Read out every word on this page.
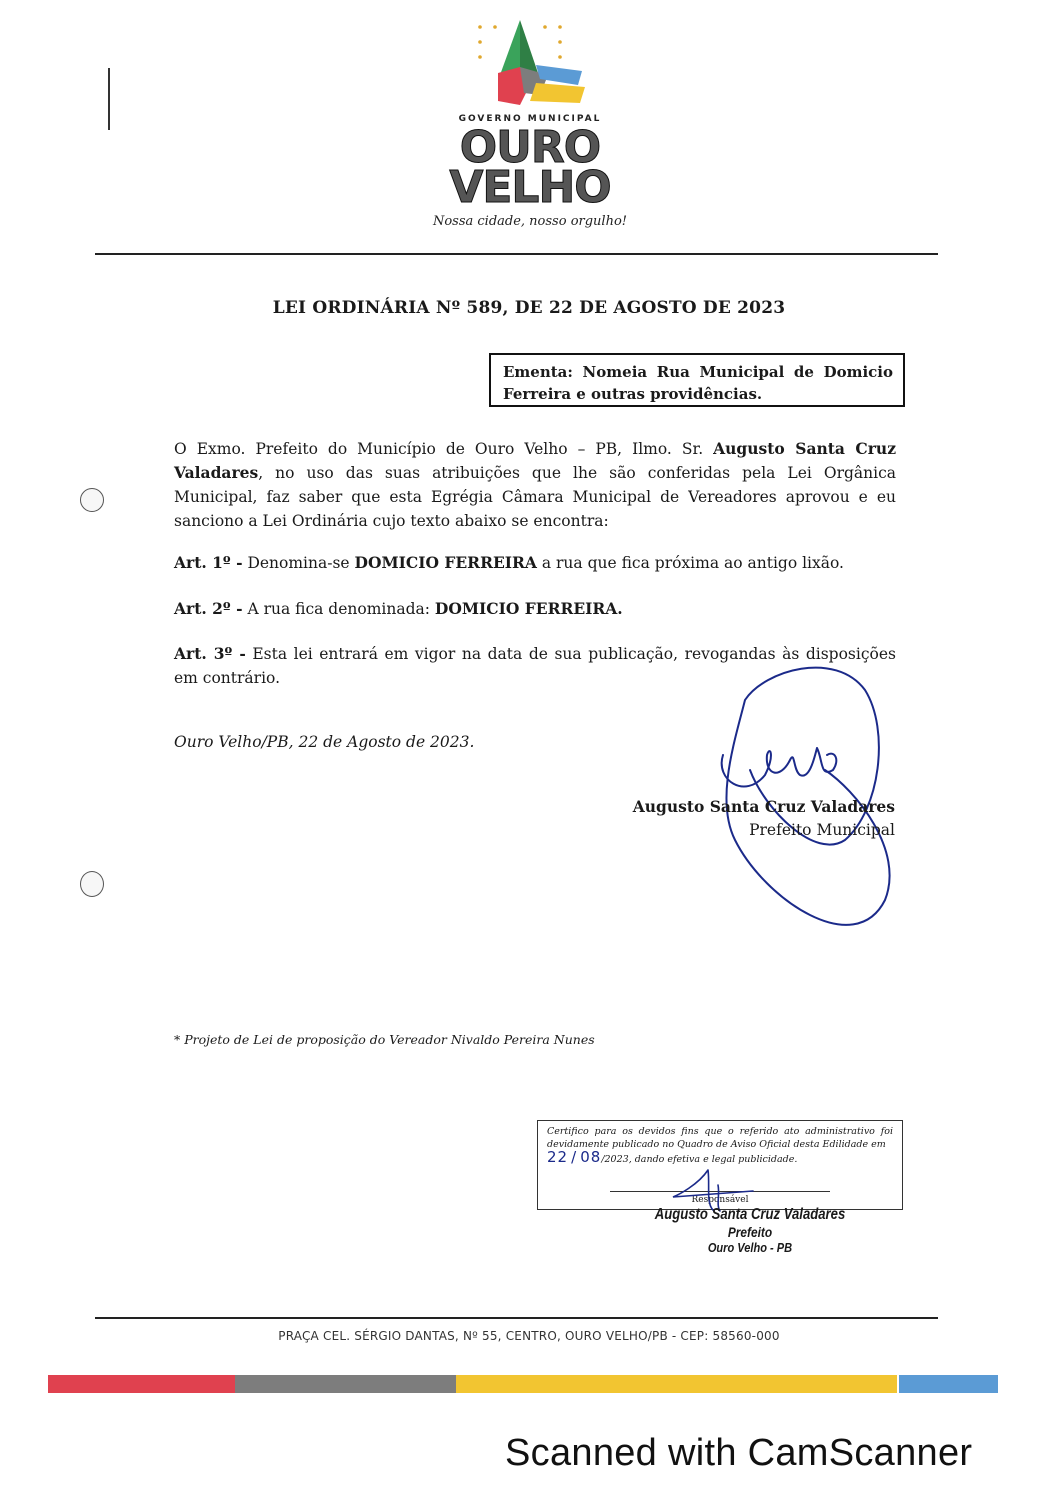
GOVERNO MUNICIPAL
OURO
VELHO
Nossa cidade, nosso orgulho!
LEI ORDINÁRIA Nº 589, DE 22 DE AGOSTO DE 2023
Ementa: Nomeia Rua Municipal de Domicio Ferreira e outras providências.
O Exmo. Prefeito do Município de Ouro Velho – PB, Ilmo. Sr. Augusto Santa Cruz Valadares, no uso das suas atribuições que lhe são conferidas pela Lei Orgânica Municipal, faz saber que esta Egrégia Câmara Municipal de Vereadores aprovou e eu sanciono a Lei Ordinária cujo texto abaixo se encontra:
Art. 1º - Denomina-se DOMICIO FERREIRA a rua que fica próxima ao antigo lixão.
Art. 2º - A rua fica denominada: DOMICIO FERREIRA.
Art. 3º - Esta lei entrará em vigor na data de sua publicação, revogandas às disposições em contrário.
Ouro Velho/PB, 22 de Agosto de 2023.
Augusto Santa Cruz Valadares
Prefeito Municipal
* Projeto de Lei de proposição do Vereador Nivaldo Pereira Nunes
Certifico para os devidos fins que o referido ato administrativo foi devidamente publicado no Quadro de Aviso Oficial desta Edilidade em
22 / 08/2023, dando efetiva e legal publicidade.
Responsável
Augusto Santa Cruz Valadares
Prefeito
Ouro Velho - PB
PRAÇA CEL. SÉRGIO DANTAS, Nº 55, CENTRO, OURO VELHO/PB - CEP: 58560-000
Scanned with CamScanner
